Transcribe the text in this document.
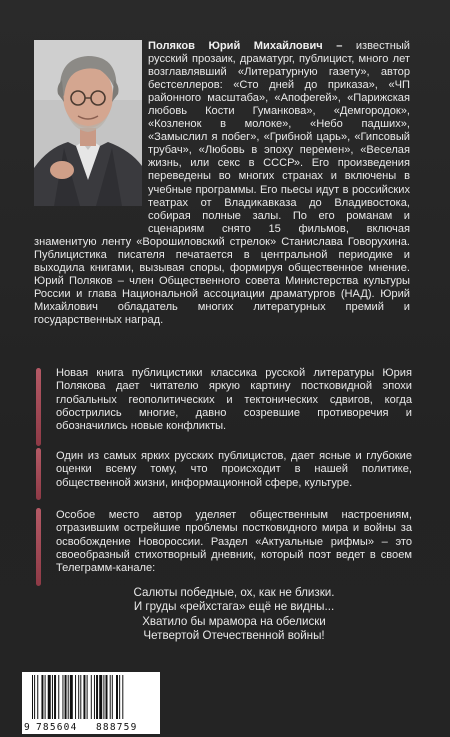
Поляков Юрий Михайлович – известный русский прозаик, драматург, публицист, много лет возглавлявший «Литературную газету», автор бестселлеров: «Сто дней до приказа», «ЧП районного масштаба», «Апофегей», «Парижская любовь Кости Гуманкова», «Демгородок», «Козленок в молоке», «Небо падших», «Замыслил я побег», «Грибной царь», «Гипсовый трубач», «Любовь в эпоху перемен», «Веселая жизнь, или секс в СССР». Его произведения переведены во многих странах и включены в учебные программы. Его пьесы идут в российских театрах от Владикавказа до Владивостока, собирая полные залы. По его романам и сценариям снято 15 фильмов, включая знаменитую ленту «Ворошиловский стрелок» Станислава Говорухина. Публицистика писателя печатается в центральной периодике и выходила книгами, вызывая споры, формируя общественное мнение. Юрий Поляков – член Общественного совета Министерства культуры России и глава Национальной ассоциации драматургов (НАД). Юрий Михайлович обладатель многих литературных премий и государственных наград.
Новая книга публицистики классика русской литературы Юрия Полякова дает читателю яркую картину постковидной эпохи глобальных геополитических и тектонических сдвигов, когда обострились многие, давно созревшие противоречия и обозначились новые конфликты.
Один из самых ярких русских публицистов, дает ясные и глубокие оценки всему тому, что происходит в нашей политике, общественной жизни, информационной сфере, культуре.
Особое место автор уделяет общественным настроениям, отразившим острейшие проблемы постковидного мира и войны за освобождение Новороссии. Раздел «Актуальные рифмы» – это своеобразный стихотворный дневник, который поэт ведет в своем Телеграмм-канале:
Салюты победные, ох, как не близки.
И груды «рейхстага» ещё не видны...
Хватило бы мрамора на обелиски
Четвертой Отечественной войны!
9 785604 888759
